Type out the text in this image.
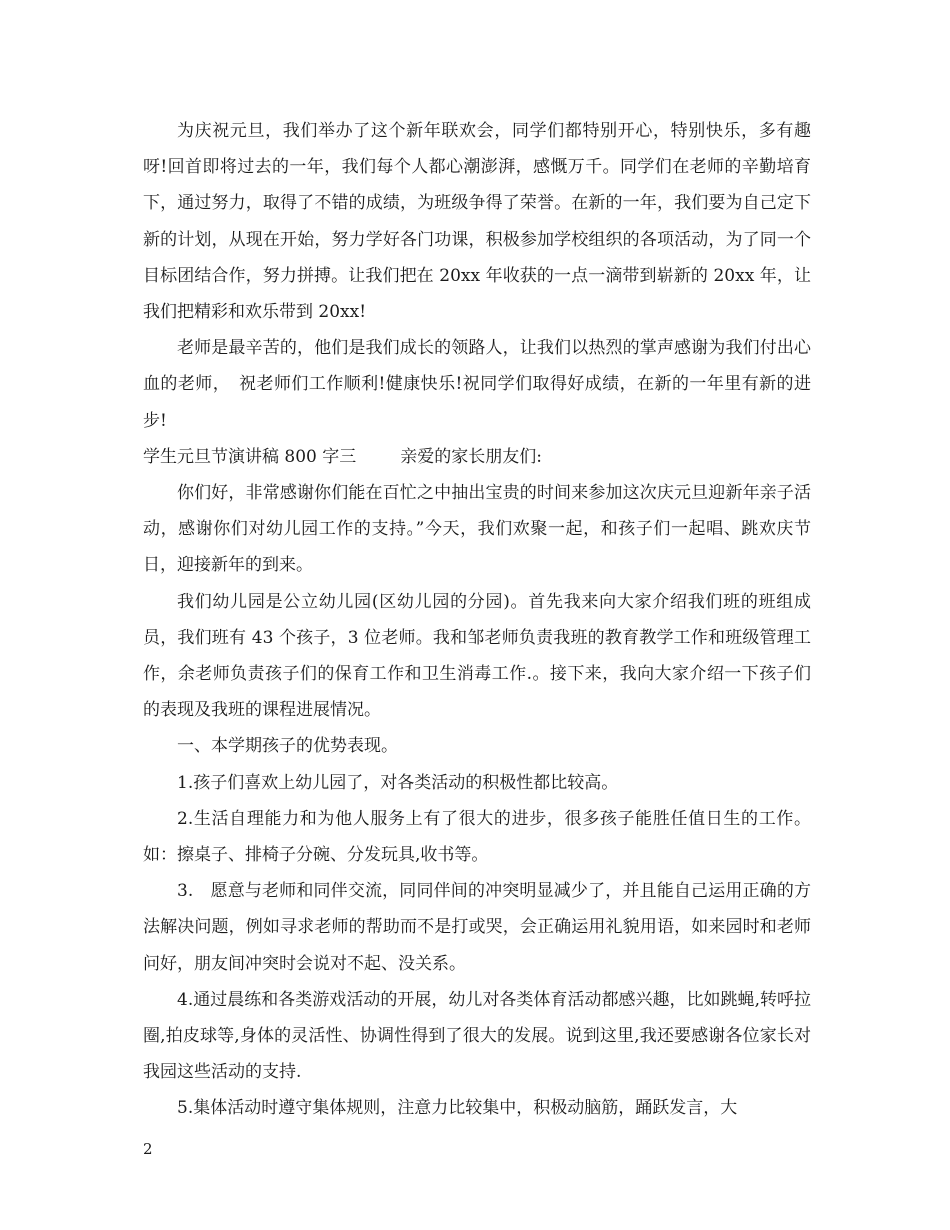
为庆祝元旦，我们举办了这个新年联欢会，同学们都特别开心，特别快乐，多有趣呀!回首即将过去的一年，我们每个人都心潮澎湃，感慨万千。同学们在老师的辛勤培育下，通过努力，取得了不错的成绩，为班级争得了荣誉。在新的一年，我们要为自己定下新的计划，从现在开始，努力学好各门功课，积极参加学校组织的各项活动，为了同一个目标团结合作，努力拼搏。让我们把在 20xx 年收获的一点一滴带到崭新的 20xx 年，让我们把精彩和欢乐带到 20xx!

老师是最辛苦的，他们是我们成长的领路人，让我们以热烈的掌声感谢为我们付出心血的老师，　祝老师们工作顺利!健康快乐!祝同学们取得好成绩，在新的一年里有新的进步!

学生元旦节演讲稿 800 字三	亲爱的家长朋友们:

你们好，非常感谢你们能在百忙之中抽出宝贵的时间来参加这次庆元旦迎新年亲子活动，感谢你们对幼儿园工作的支持。”今天，我们欢聚一起，和孩子们一起唱、跳欢庆节日，迎接新年的到来。

我们幼儿园是公立幼儿园(区幼儿园的分园)。首先我来向大家介绍我们班的班组成员，我们班有 43 个孩子，3 位老师。我和邹老师负责我班的教育教学工作和班级管理工作，余老师负责孩子们的保育工作和卫生消毒工作.。接下来，我向大家介绍一下孩子们的表现及我班的课程进展情况。

一、本学期孩子的优势表现。

1.孩子们喜欢上幼儿园了，对各类活动的积极性都比较高。

2.生活自理能力和为他人服务上有了很大的进步，很多孩子能胜任值日生的工作。如：擦桌子、排椅子分碗、分发玩具,收书等。

3.　愿意与老师和同伴交流，同同伴间的冲突明显减少了，并且能自己运用正确的方法解决问题，例如寻求老师的帮助而不是打或哭，会正确运用礼貌用语，如来园时和老师问好，朋友间冲突时会说对不起、没关系。

4.通过晨练和各类游戏活动的开展，幼儿对各类体育活动都感兴趣，比如跳蝇,转呼拉圈,拍皮球等,身体的灵活性、协调性得到了很大的发展。说到这里,我还要感谢各位家长对我园这些活动的支持.

5.集体活动时遵守集体规则，注意力比较集中，积极动脑筋，踊跃发言，大

2
